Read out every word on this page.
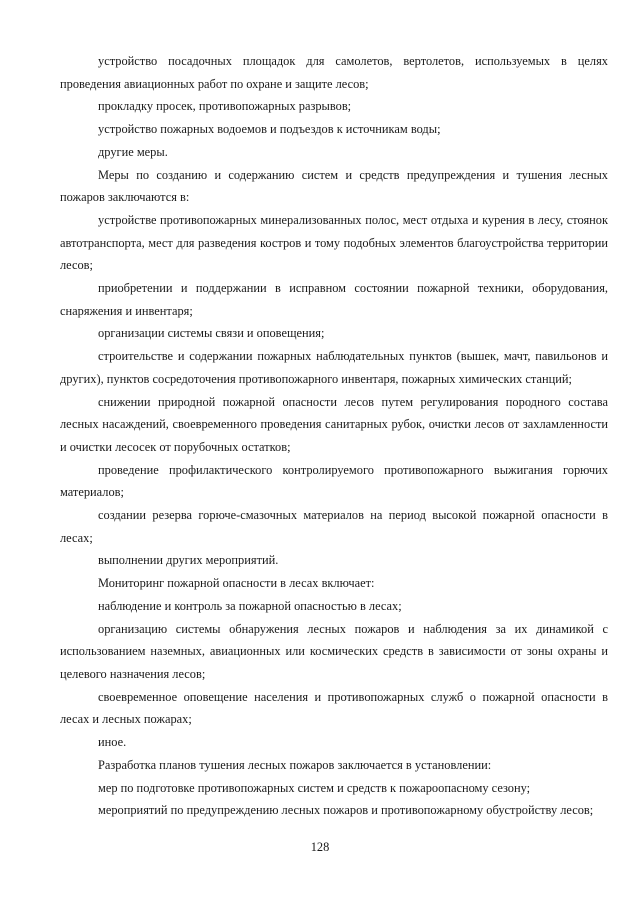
устройство посадочных площадок для самолетов, вертолетов, используемых в целях проведения авиационных работ по охране и защите лесов;

прокладку просек, противопожарных разрывов;

устройство пожарных водоемов и подъездов к источникам воды;

другие меры.

Меры по созданию и содержанию систем и средств предупреждения и тушения лесных пожаров заключаются в:

устройстве противопожарных минерализованных полос, мест отдыха и курения в лесу, стоянок автотранспорта, мест для разведения костров и тому подобных элементов благоустройства территории лесов;

приобретении и поддержании в исправном состоянии пожарной техники, оборудования, снаряжения и инвентаря;

организации системы связи и оповещения;

строительстве и содержании пожарных наблюдательных пунктов (вышек, мачт, павильонов и других), пунктов сосредоточения противопожарного инвентаря, пожарных химических станций;

снижении природной пожарной опасности лесов путем регулирования породного состава лесных насаждений, своевременного проведения санитарных рубок, очистки лесов от захламленности и очистки лесосек от порубочных остатков;

проведение профилактического контролируемого противопожарного выжигания горючих материалов;

создании резерва горюче-смазочных материалов на период высокой пожарной опасности в лесах;

выполнении других мероприятий.

Мониторинг пожарной опасности в лесах включает:

наблюдение и контроль за пожарной опасностью в лесах;

организацию системы обнаружения лесных пожаров и наблюдения за их динамикой с использованием наземных, авиационных или космических средств в зависимости от зоны охраны и целевого назначения лесов;

своевременное оповещение населения и противопожарных служб о пожарной опасности в лесах и лесных пожарах;

иное.

Разработка планов тушения лесных пожаров заключается в установлении:

мер по подготовке противопожарных систем и средств к пожароопасному сезону;

мероприятий по предупреждению лесных пожаров и противопожарному обустройству лесов;

128
